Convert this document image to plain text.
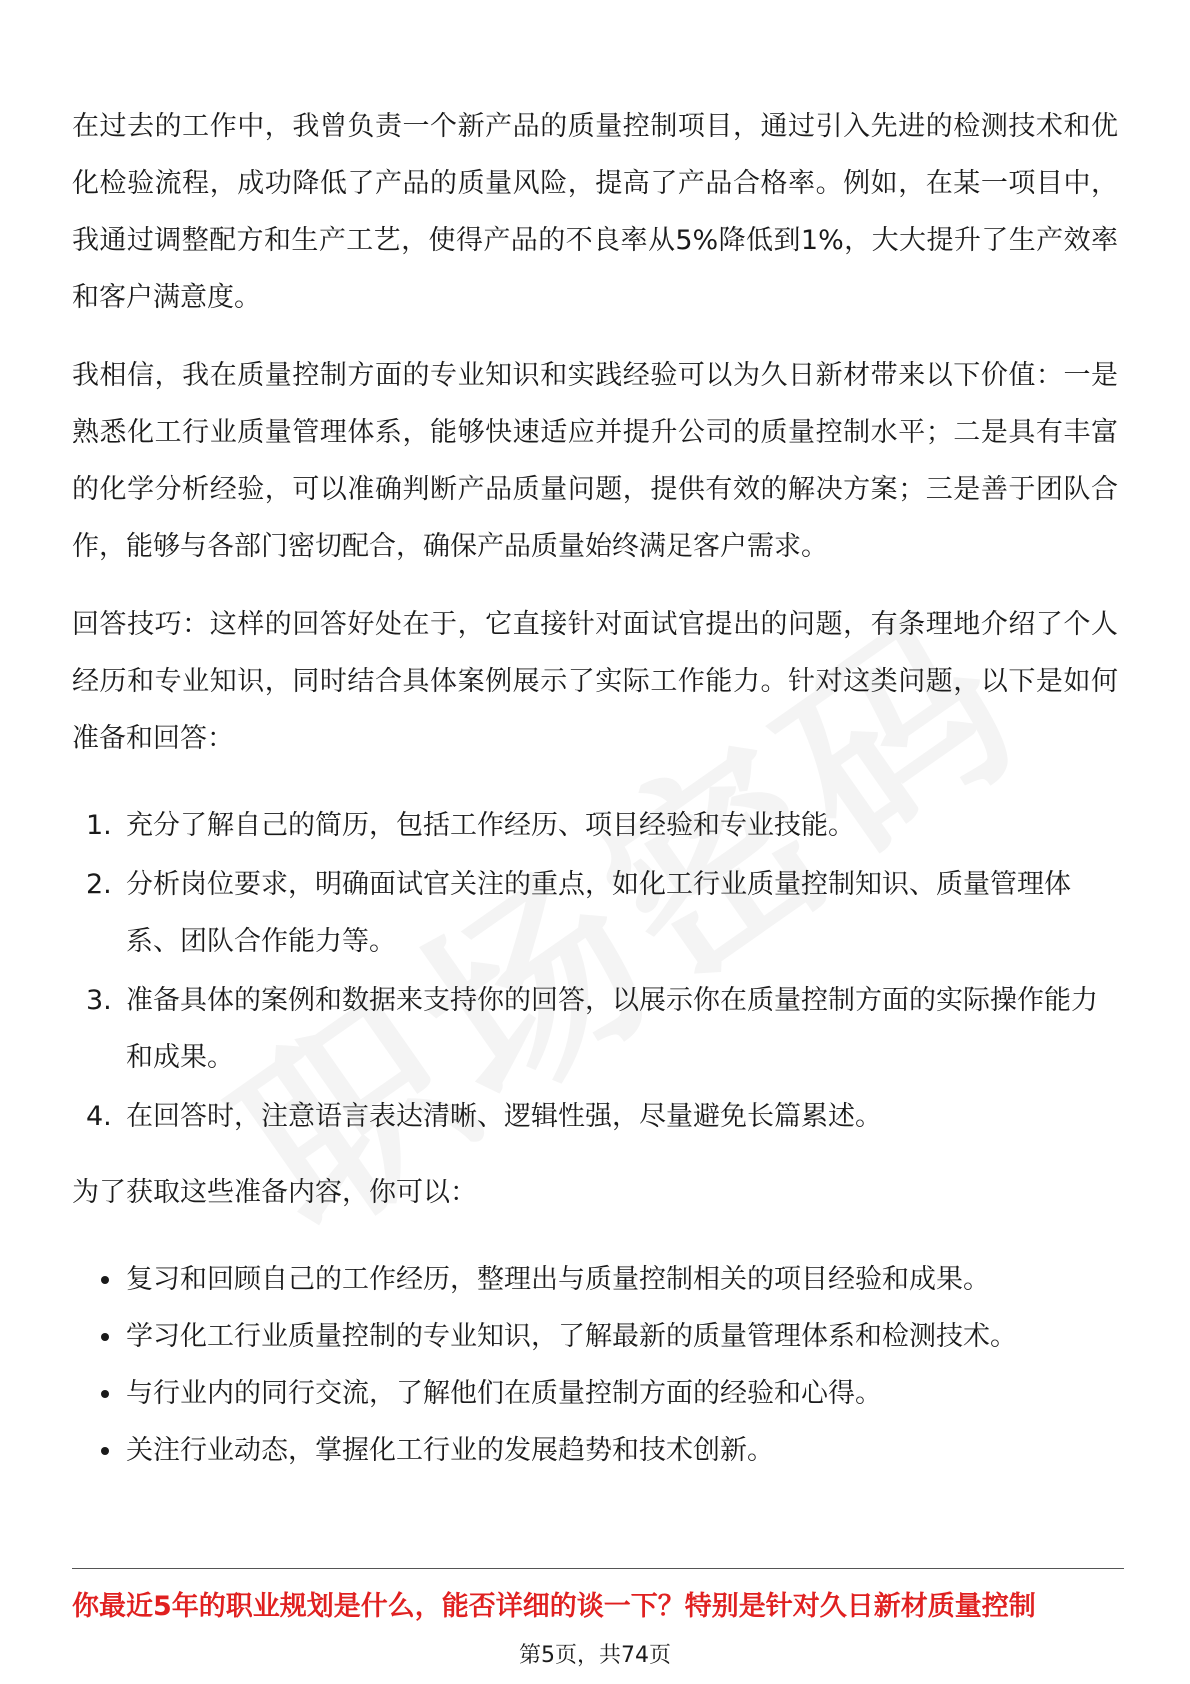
在过去的工作中，我曾负责一个新产品的质量控制项目，通过引入先进的检测技术和优化检验流程，成功降低了产品的质量风险，提高了产品合格率。例如，在某一项目中，我通过调整配方和生产工艺，使得产品的不良率从5%降低到1%，大大提升了生产效率和客户满意度。

我相信，我在质量控制方面的专业知识和实践经验可以为久日新材带来以下价值：一是熟悉化工行业质量管理体系，能够快速适应并提升公司的质量控制水平；二是具有丰富的化学分析经验，可以准确判断产品质量问题，提供有效的解决方案；三是善于团队合作，能够与各部门密切配合，确保产品质量始终满足客户需求。

回答技巧：这样的回答好处在于，它直接针对面试官提出的问题，有条理地介绍了个人经历和专业知识，同时结合具体案例展示了实际工作能力。针对这类问题，以下是如何准备和回答：

1. 充分了解自己的简历，包括工作经历、项目经验和专业技能。
2. 分析岗位要求，明确面试官关注的重点，如化工行业质量控制知识、质量管理体系、团队合作能力等。
3. 准备具体的案例和数据来支持你的回答，以展示你在质量控制方面的实际操作能力和成果。
4. 在回答时，注意语言表达清晰、逻辑性强，尽量避免长篇累述。

为了获取这些准备内容，你可以：

复习和回顾自己的工作经历，整理出与质量控制相关的项目经验和成果。
学习化工行业质量控制的专业知识，了解最新的质量管理体系和检测技术。
与行业内的同行交流，了解他们在质量控制方面的经验和心得。
关注行业动态，掌握化工行业的发展趋势和技术创新。
你最近5年的职业规划是什么，能否详细的谈一下？特别是针对久日新材质量控制
第5页，共74页
